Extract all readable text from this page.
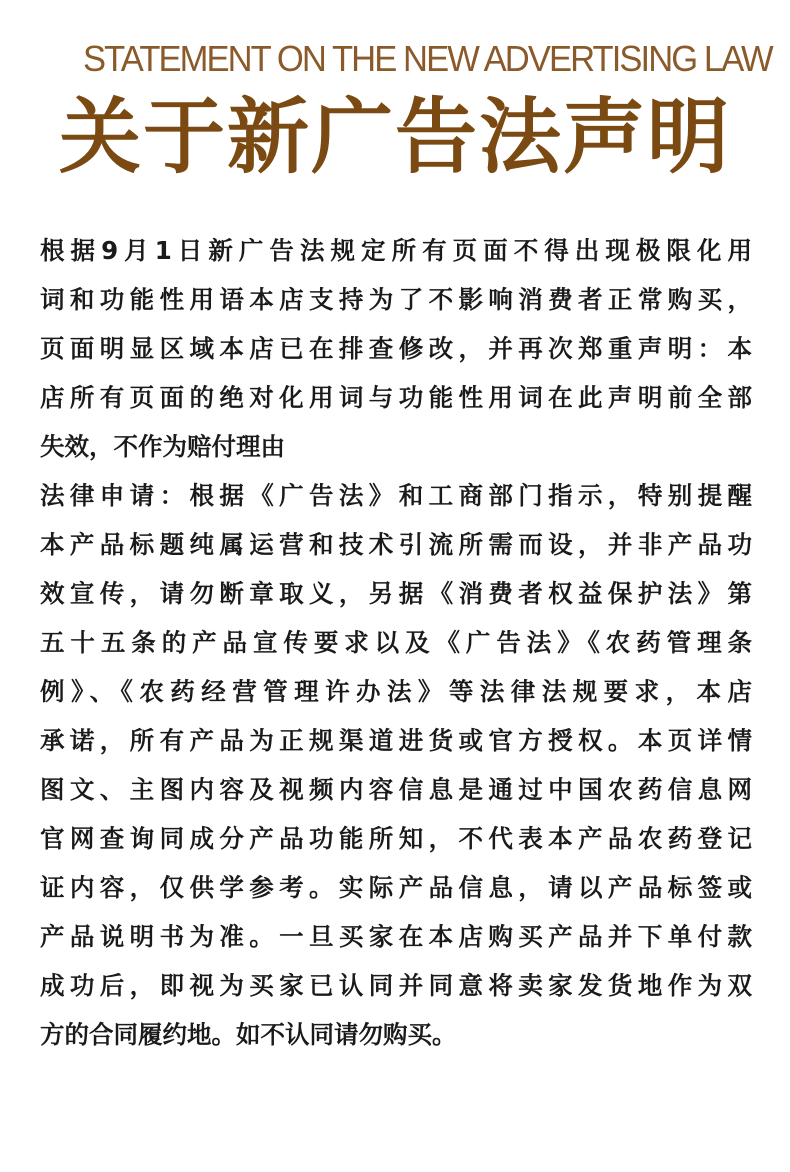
STATEMENT ON THE NEW ADVERTISING LAW
关于新广告法声明
根据9月1日新广告法规定所有页面不得出现极限化用
词和功能性用语本店支持为了不影响消费者正常购买，
页面明显区域本店已在排查修改，并再次郑重声明：本
店所有页面的绝对化用词与功能性用词在此声明前全部
失效，不作为赔付理由
法律申请：根据《广告法》和工商部门指示，特别提醒
本产品标题纯属运营和技术引流所需而设，并非产品功
效宣传，请勿断章取义，另据《消费者权益保护法》第
五十五条的产品宣传要求以及《广告法》《农药管理条
例》、《农药经营管理许办法》等法律法规要求，本店
承诺，所有产品为正规渠道进货或官方授权。本页详情
图文、主图内容及视频内容信息是通过中国农药信息网
官网查询同成分产品功能所知，不代表本产品农药登记
证内容，仅供学参考。实际产品信息，请以产品标签或
产品说明书为准。一旦买家在本店购买产品并下单付款
成功后，即视为买家已认同并同意将卖家发货地作为双
方的合同履约地。如不认同请勿购买。
